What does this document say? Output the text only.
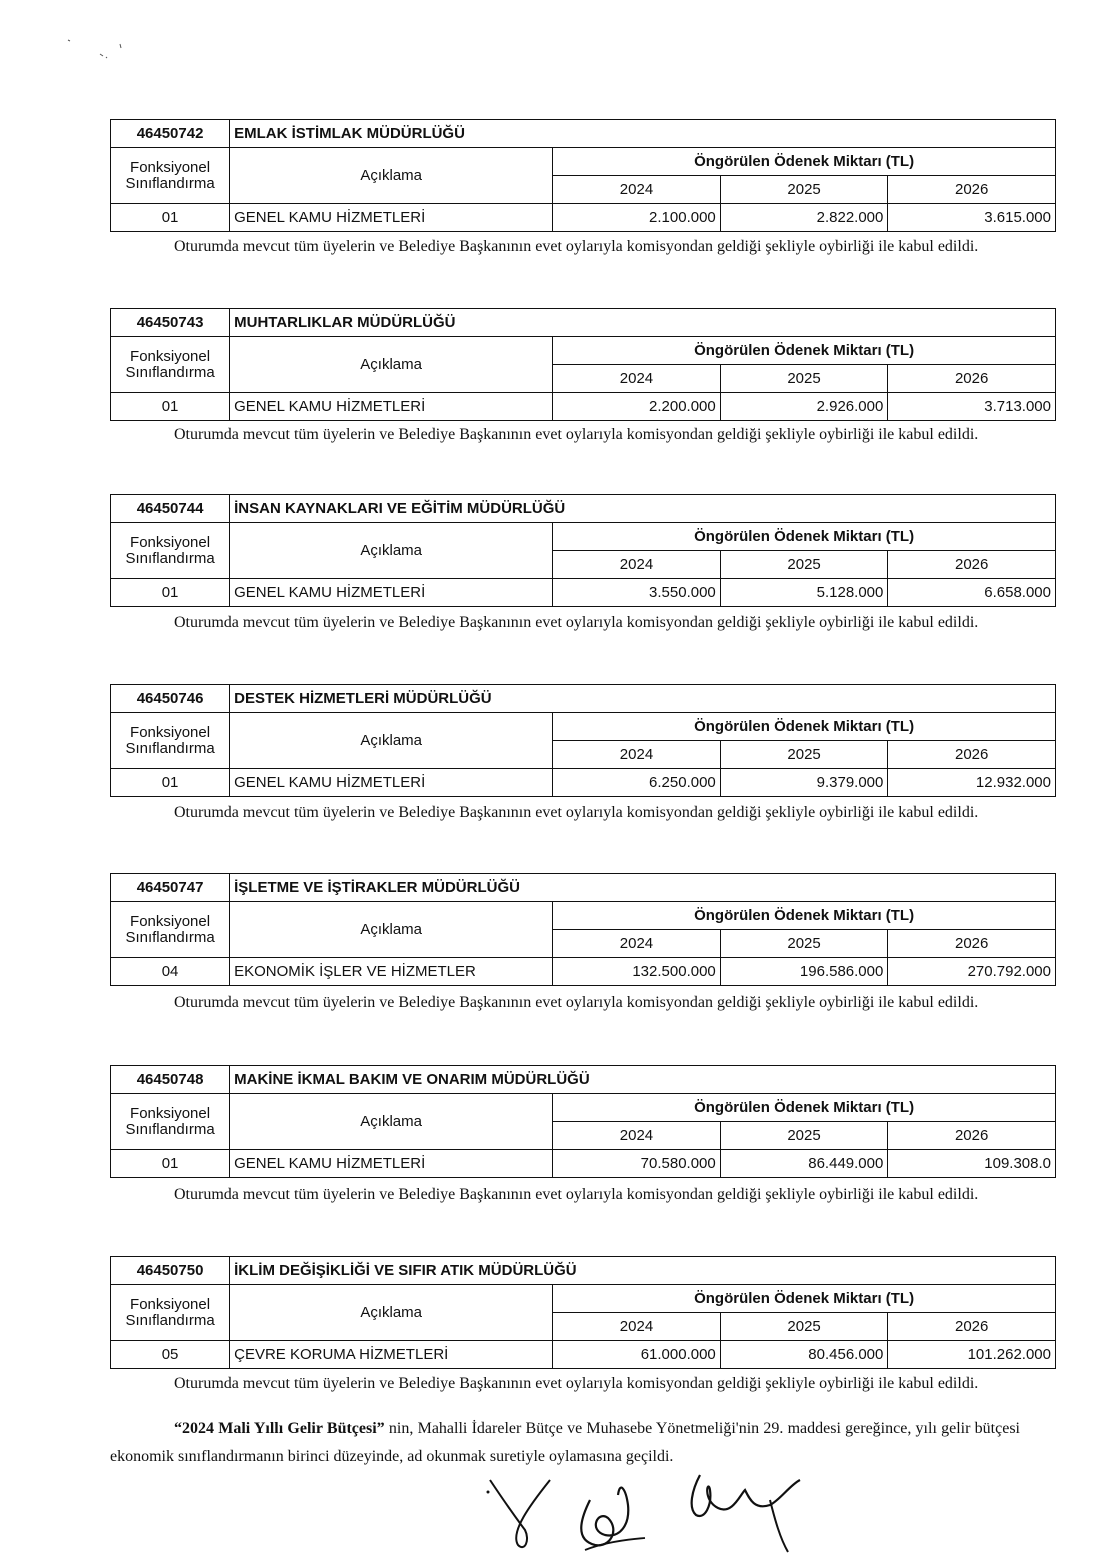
46450742	EMLAK İSTİMLAK MÜDÜRLÜĞÜ			
Fonksiyonel
Sınıflandırma	Açıklama	Öngörülen Ödenek Miktarı (TL)		
		2024	2025	2026
01	GENEL KAMU HİZMETLERİ	2.100.000	2.822.000	3.615.000

Oturumda mevcut tüm üyelerin ve Belediye Başkanının evet oylarıyla komisyondan geldiği şekliyle oybirliği ile kabul edildi.

46450743	MUHTARLIKLAR MÜDÜRLÜĞÜ			
Fonksiyonel
Sınıflandırma	Açıklama	Öngörülen Ödenek Miktarı (TL)		
		2024	2025	2026
01	GENEL KAMU HİZMETLERİ	2.200.000	2.926.000	3.713.000

Oturumda mevcut tüm üyelerin ve Belediye Başkanının evet oylarıyla komisyondan geldiği şekliyle oybirliği ile kabul edildi.

46450744	İNSAN KAYNAKLARI VE EĞİTİM MÜDÜRLÜĞÜ			
Fonksiyonel
Sınıflandırma	Açıklama	Öngörülen Ödenek Miktarı (TL)		
		2024	2025	2026
01	GENEL KAMU HİZMETLERİ	3.550.000	5.128.000	6.658.000

Oturumda mevcut tüm üyelerin ve Belediye Başkanının evet oylarıyla komisyondan geldiği şekliyle oybirliği ile kabul edildi.

46450746	DESTEK HİZMETLERİ MÜDÜRLÜĞÜ			
Fonksiyonel
Sınıflandırma	Açıklama	Öngörülen Ödenek Miktarı (TL)		
		2024	2025	2026
01	GENEL KAMU HİZMETLERİ	6.250.000	9.379.000	12.932.000

Oturumda mevcut tüm üyelerin ve Belediye Başkanının evet oylarıyla komisyondan geldiği şekliyle oybirliği ile kabul edildi.

46450747	İŞLETME VE İŞTİRAKLER MÜDÜRLÜĞÜ			
Fonksiyonel
Sınıflandırma	Açıklama	Öngörülen Ödenek Miktarı (TL)		
		2024	2025	2026
04	EKONOMİK İŞLER VE HİZMETLER	132.500.000	196.586.000	270.792.000

Oturumda mevcut tüm üyelerin ve Belediye Başkanının evet oylarıyla komisyondan geldiği şekliyle oybirliği ile kabul edildi.

46450748	MAKİNE İKMAL BAKIM VE ONARIM MÜDÜRLÜĞÜ			
Fonksiyonel
Sınıflandırma	Açıklama	Öngörülen Ödenek Miktarı (TL)		
		2024	2025	2026
01	GENEL KAMU HİZMETLERİ	70.580.000	86.449.000	109.308.0

Oturumda mevcut tüm üyelerin ve Belediye Başkanının evet oylarıyla komisyondan geldiği şekliyle oybirliği ile kabul edildi.

46450750	İKLİM DEĞİŞİKLİĞİ VE SIFIR ATIK MÜDÜRLÜĞÜ			
Fonksiyonel
Sınıflandırma	Açıklama	Öngörülen Ödenek Miktarı (TL)		
		2024	2025	2026
05	ÇEVRE KORUMA HİZMETLERİ	61.000.000	80.456.000	101.262.000

Oturumda mevcut tüm üyelerin ve Belediye Başkanının evet oylarıyla komisyondan geldiği şekliyle oybirliği ile kabul edildi.

“2024 Mali Yıllı Gelir Bütçesi” nin, Mahalli İdareler Bütçe ve Muhasebe Yönetmeliği'nin 29. maddesi gereğince, yılı gelir bütçesi ekonomik sınıflandırmanın birinci düzeyinde, ad okunmak suretiyle oylamasına geçildi.
